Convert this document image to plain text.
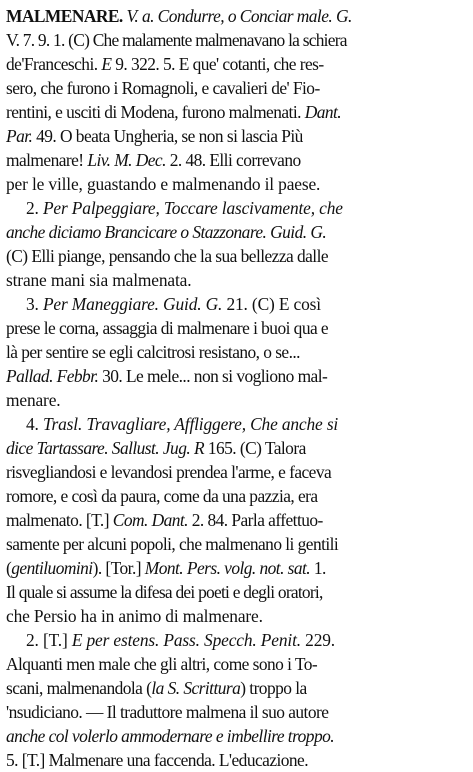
MALMENARE. V. a. Condurre, o Conciar male. G.
V. 7. 9. 1. (C) Che malamente malmenavano la schiera
de'Franceschi. E 9. 322. 5. E que' cotanti, che res-
sero, che furono i Romagnoli, e cavalieri de' Fio-
rentini, e usciti di Modena, furono malmenati. Dant.
Par. 49. O beata Ungheria, se non si lascia Più
malmenare! Liv. M. Dec. 2. 48. Elli correvano
per le ville, guastando e malmenando il paese.
2. Per Palpeggiare, Toccare lascivamente, che
anche diciamo Brancicare o Stazzonare. Guid. G.
(C) Elli piange, pensando che la sua bellezza dalle
strane mani sia malmenata.
3. Per Maneggiare. Guid. G. 21. (C) E così
prese le corna, assaggia di malmenare i buoi qua e
là per sentire se egli calcitrosi resistano, o se...
Pallad. Febbr. 30. Le mele... non si vogliono mal-
menare.
4. Trasl. Travagliare, Affliggere, Che anche si
dice Tartassare. Sallust. Jug. R 165. (C) Talora
risvegliandosi e levandosi prendea l'arme, e faceva
romore, e così da paura, come da una pazzia, era
malmenato. [T.] Com. Dant. 2. 84. Parla affettuo-
samente per alcuni popoli, che malmenano li gentili
(gentiluomini). [Tor.] Mont. Pers. volg. not. sat. 1.
Il quale si assume la difesa dei poeti e degli oratori,
che Persio ha in animo di malmenare.
2. [T.] E per estens. Pass. Specch. Penit. 229.
Alquanti men male che gli altri, come sono i To-
scani, malmenandola (la S. Scrittura) troppo la
'nsudiciano. — Il traduttore malmena il suo autore
anche col volerlo ammodernare e imbellire troppo.
5. [T.] Malmenare una faccenda. L'educazione.
